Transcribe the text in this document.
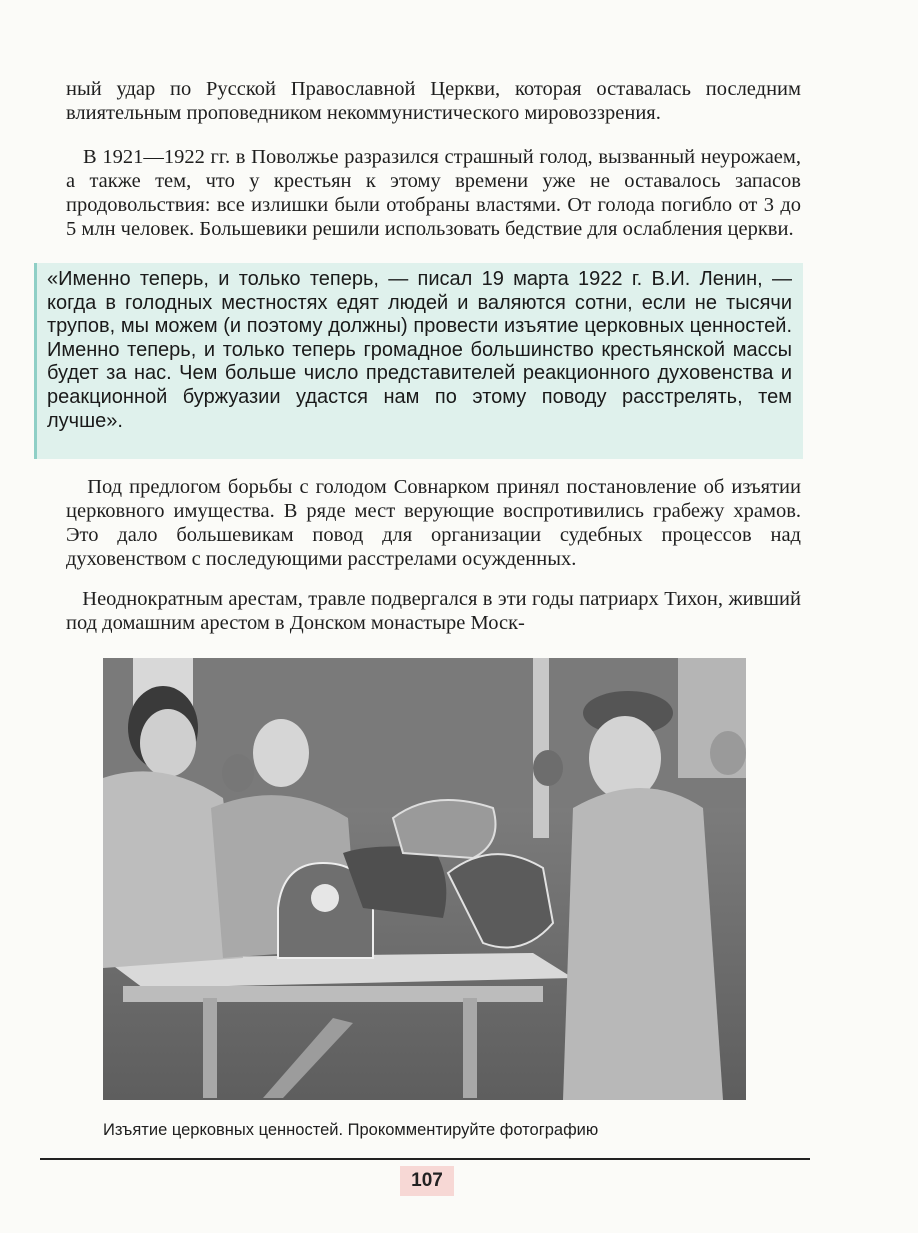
ный удар по Русской Православной Церкви, которая оставалась последним влиятельным проповедником некоммунистического мировоззрения.

В 1921—1922 гг. в Поволжье разразился страшный голод, вызванный неурожаем, а также тем, что у крестьян к этому времени уже не оставалось запасов продовольствия: все излишки были отобраны властями. От голода погибло от 3 до 5 млн человек. Большевики решили использовать бедствие для ослабления церкви.

«Именно теперь, и только теперь, — писал 19 марта 1922 г. В.И. Ленин, — когда в голодных местностях едят людей и валяются сотни, если не тысячи трупов, мы можем (и поэтому должны) провести изъятие церковных ценностей. Именно теперь, и только теперь громадное большинство крестьянской массы будет за нас. Чем больше число представителей реакционного духовенства и реакционной буржуазии удастся нам по этому поводу расстрелять, тем лучше».

Под предлогом борьбы с голодом Совнарком принял постановление об изъятии церковного имущества. В ряде мест верующие воспротивились грабежу храмов. Это дало большевикам повод для организации судебных процессов над духовенством с последующими расстрелами осужденных.

Неоднократным арестам, травле подвергался в эти годы патриарх Тихон, живший под домашним арестом в Донском монастыре Моск-

Изъятие церковных ценностей. Прокомментируйте фотографию

107
